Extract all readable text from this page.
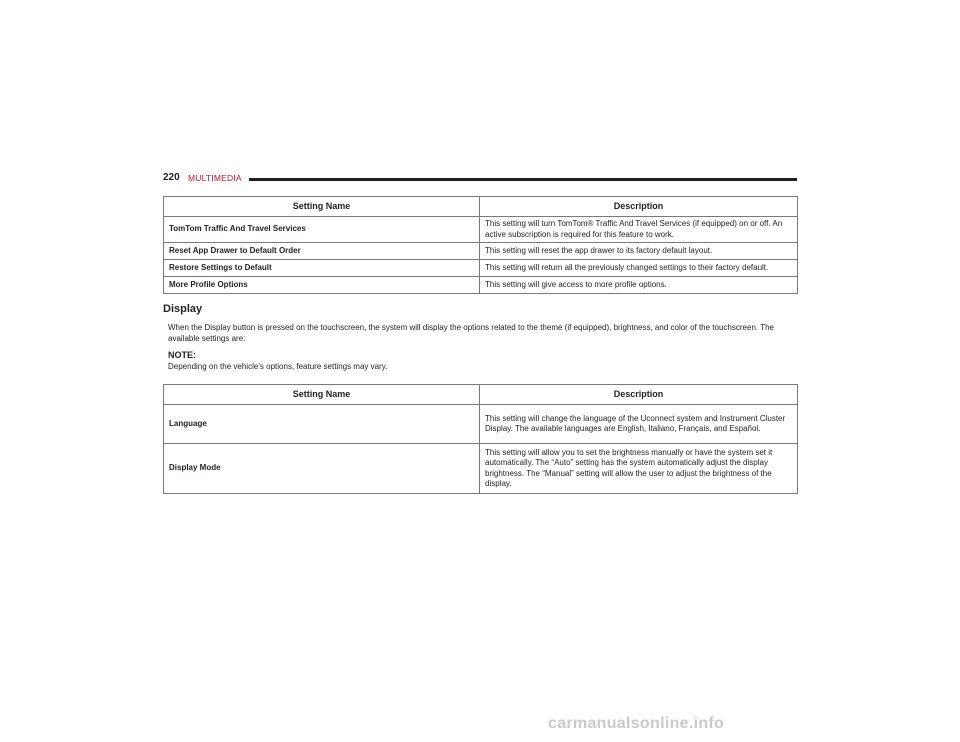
220 MULTIMEDIA
Setting Name	Description
TomTom Traffic And Travel Services	This setting will turn TomTom® Traffic And Travel Services (if equipped) on or off. An active subscription is required for this feature to work.
Reset App Drawer to Default Order	This setting will reset the app drawer to its factory default layout.
Restore Settings to Default	This setting will return all the previously changed settings to their factory default.
More Profile Options	This setting will give access to more profile options.
Display
When the Display button is pressed on the touchscreen, the system will display the options related to the theme (if equipped), brightness, and color of the touchscreen. The available settings are:
NOTE:
Depending on the vehicle’s options, feature settings may vary.
Setting Name	Description
Language	This setting will change the language of the Uconnect system and Instrument Cluster Display. The available languages are English, Italiano, Français, and Español.
Display Mode	This setting will allow you to set the brightness manually or have the system set it automatically. The “Auto” setting has the system automatically adjust the display brightness. The “Manual” setting will allow the user to adjust the brightness of the display.
carmanualsonline.info
